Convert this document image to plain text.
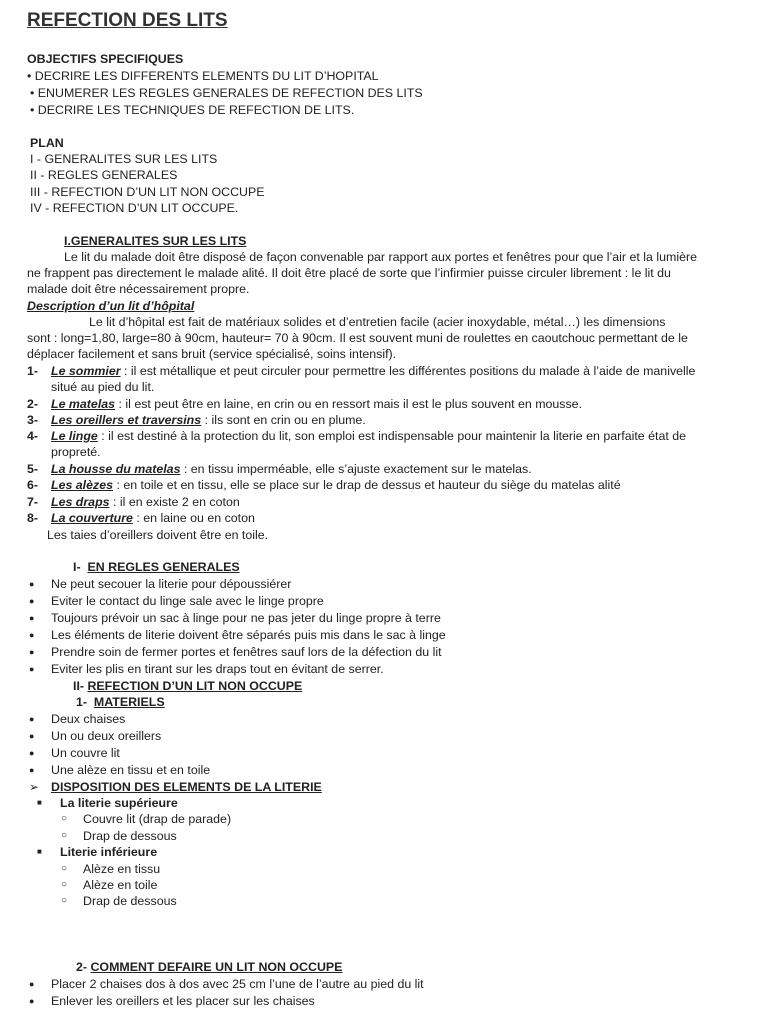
REFECTION DES LITS
OBJECTIFS SPECIFIQUES
• DECRIRE LES DIFFERENTS ELEMENTS DU LIT D’HOPITAL
• ENUMERER LES REGLES GENERALES DE REFECTION DES LITS
• DECRIRE LES TECHNIQUES DE REFECTION DE LITS.
PLAN
I - GENERALITES SUR LES LITS
II - REGLES GENERALES
III - REFECTION D’UN LIT NON OCCUPE
IV - REFECTION D’UN LIT OCCUPE.
I.GENERALITES SUR LES LITS
Le lit du malade doit être disposé de façon convenable par rapport aux portes et fenêtres pour que l’air et la lumière
ne frappent pas directement le malade alité. Il doit être placé de sorte que l’infirmier puisse circuler librement : le lit du
malade doit être nécessairement propre.
Description d’un lit d’hôpital
Le lit d’hôpital est fait de matériaux solides et d’entretien facile (acier inoxydable, métal…) les dimensions
sont : long=1,80, large=80 à 90cm, hauteur= 70 à 90cm. Il est souvent muni de roulettes en caoutchouc permettant de le
déplacer facilement et sans bruit (service spécialisé, soins intensif).
1- Le sommier : il est métallique et peut circuler pour permettre les différentes positions du malade à l’aide de manivelle
situé au pied du lit.
2- Le matelas : il est peut être en laine, en crin ou en ressort mais il est le plus souvent en mousse.
3- Les oreillers et traversins : ils sont en crin ou en plume.
4- Le linge : il est destiné à la protection du lit, son emploi est indispensable pour maintenir la literie en parfaite état de
propreté.
5- La housse du matelas : en tissu imperméable, elle s’ajuste exactement sur le matelas.
6- Les alèzes : en toile et en tissu, elle se place sur le drap de dessus et hauteur du siège du matelas alité
7- Les draps : il en existe 2 en coton
8- La couverture : en laine ou en coton
Les taies d’oreillers doivent être en toile.
I- EN REGLES GENERALES
● Ne peut secouer la literie pour dépoussiérer
● Eviter le contact du linge sale avec le linge propre
● Toujours prévoir un sac à linge pour ne pas jeter du linge propre à terre
● Les éléments de literie doivent être séparés puis mis dans le sac à linge
● Prendre soin de fermer portes et fenêtres sauf lors de la défection du lit
● Eviter les plis en tirant sur les draps tout en évitant de serrer.
II- REFECTION D’UN LIT NON OCCUPE
1- MATERIELS
● Deux chaises
● Un ou deux oreillers
● Un couvre lit
● Une alèze en tissu et en toile
➢ DISPOSITION DES ELEMENTS DE LA LITERIE
■ La literie supérieure
○ Couvre lit (drap de parade)
○ Drap de dessous
■ Literie inférieure
○ Alèze en tissu
○ Alèze en toile
○ Drap de dessous
2- COMMENT DEFAIRE UN LIT NON OCCUPE
● Placer 2 chaises dos à dos avec 25 cm l’une de l’autre au pied du lit
● Enlever les oreillers et les placer sur les chaises
